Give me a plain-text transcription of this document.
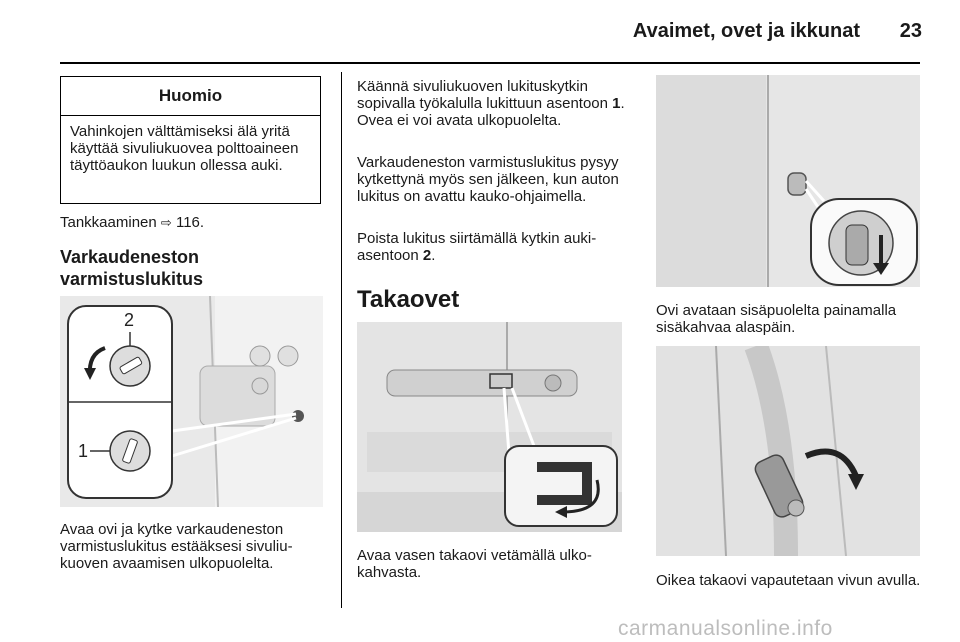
Avaimet, ovet ja ikkunat	23
Huomio

Vahinkojen välttämiseksi älä yritä käyttää sivuliukuovea polttoaineen täyttöaukon luukun ollessa auki.

Tankkaaminen ⇨ 116.

Varkaudeneston varmistuslukitus
2
1

Avaa ovi ja kytke varkaudeneston varmistuslukitus estääksesi sivuliukuoven avaamisen ulkopuolelta.

Käännä sivuliukuoven lukituskytkin sopivalla työkalulla lukittuun asentoon 1. Ovea ei voi avata ulkopuolelta.

Varkaudeneston varmistuslukitus pysyy kytkettynä myös sen jälkeen, kun auton lukitus on avattu kauko-ohjaimella.

Poista lukitus siirtämällä kytkin auki-asentoon 2.

Takaovet

Avaa vasen takaovi vetämällä ulkokahvasta.

Ovi avataan sisäpuolelta painamalla sisäkahvaa alaspäin.

Oikea takaovi vapautetaan vivun avulla.

carmanualsonline.info
